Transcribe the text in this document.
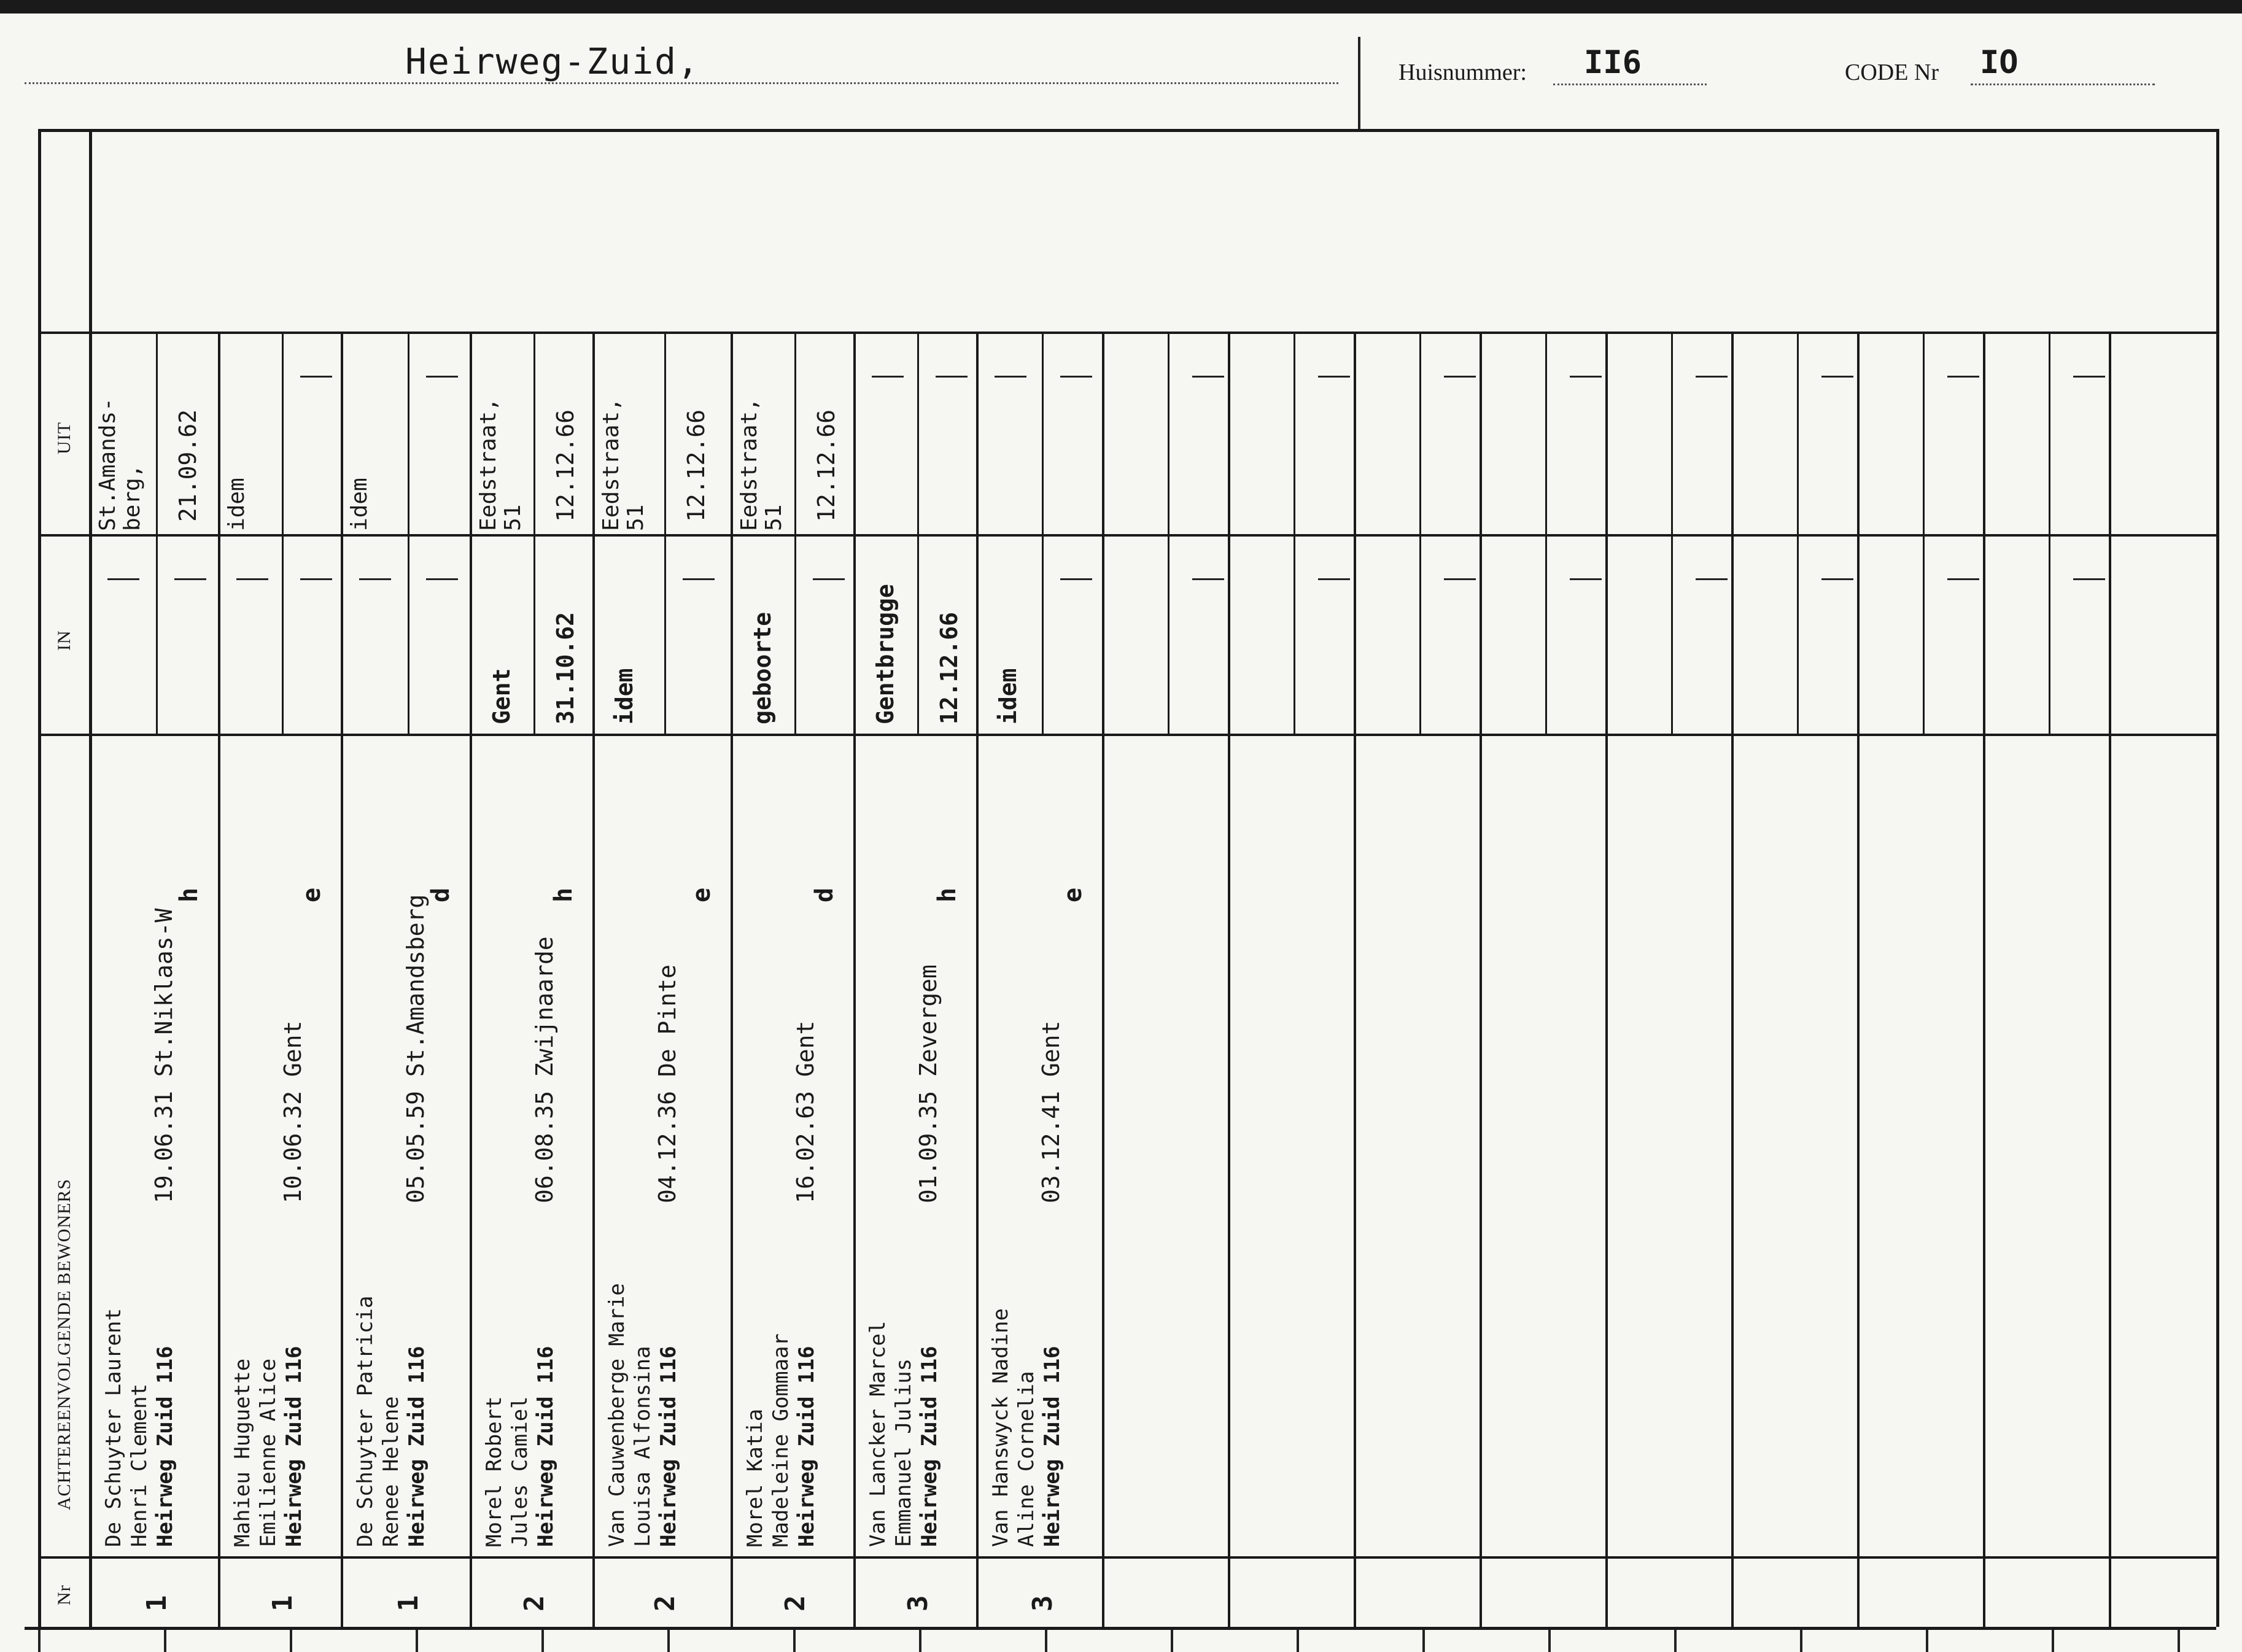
Heirweg-Zuid,	Huisnummer: II6	CODE Nr IO
UIT
IN
ACHTEREENVOLGENDE BEWONERS
Nr
De Schuyter Laurent Henri Clement Heirweg Zuid 116
19.06.31 St.Niklaas-W
h
1
St.Amands- berg, 21.09.62
Mahieu Huguette Emilienne Alice Heirweg Zuid 116
10.06.32 Gent
e
1
idem
De Schuyter Patricia Renee Helene Heirweg Zuid 116
05.05.59 St.Amandsberg
d
1
idem
Morel Robert Jules Camiel Heirweg Zuid 116
06.08.35 Zwijnaarde
h
2
Gent 31.10.62
Eedstraat, 51 12.12.66
Van Cauwenberge Marie Louisa Alfonsina Heirweg Zuid 116
04.12.36 De Pinte
e
2
idem
Eedstraat, 51 12.12.66
Morel Katia Madeleine Gommaar Heirweg Zuid 116
16.02.63 Gent
d
2
geboorte
Eedstraat, 51 12.12.66
Van Lancker Marcel Emmanuel Julius Heirweg Zuid 116
01.09.35 Zevergem
h
3
Gentbrugge 12.12.66
Van Hanswyck Nadine Aline Cornelia Heirweg Zuid 116
03.12.41 Gent
e
3
idem
